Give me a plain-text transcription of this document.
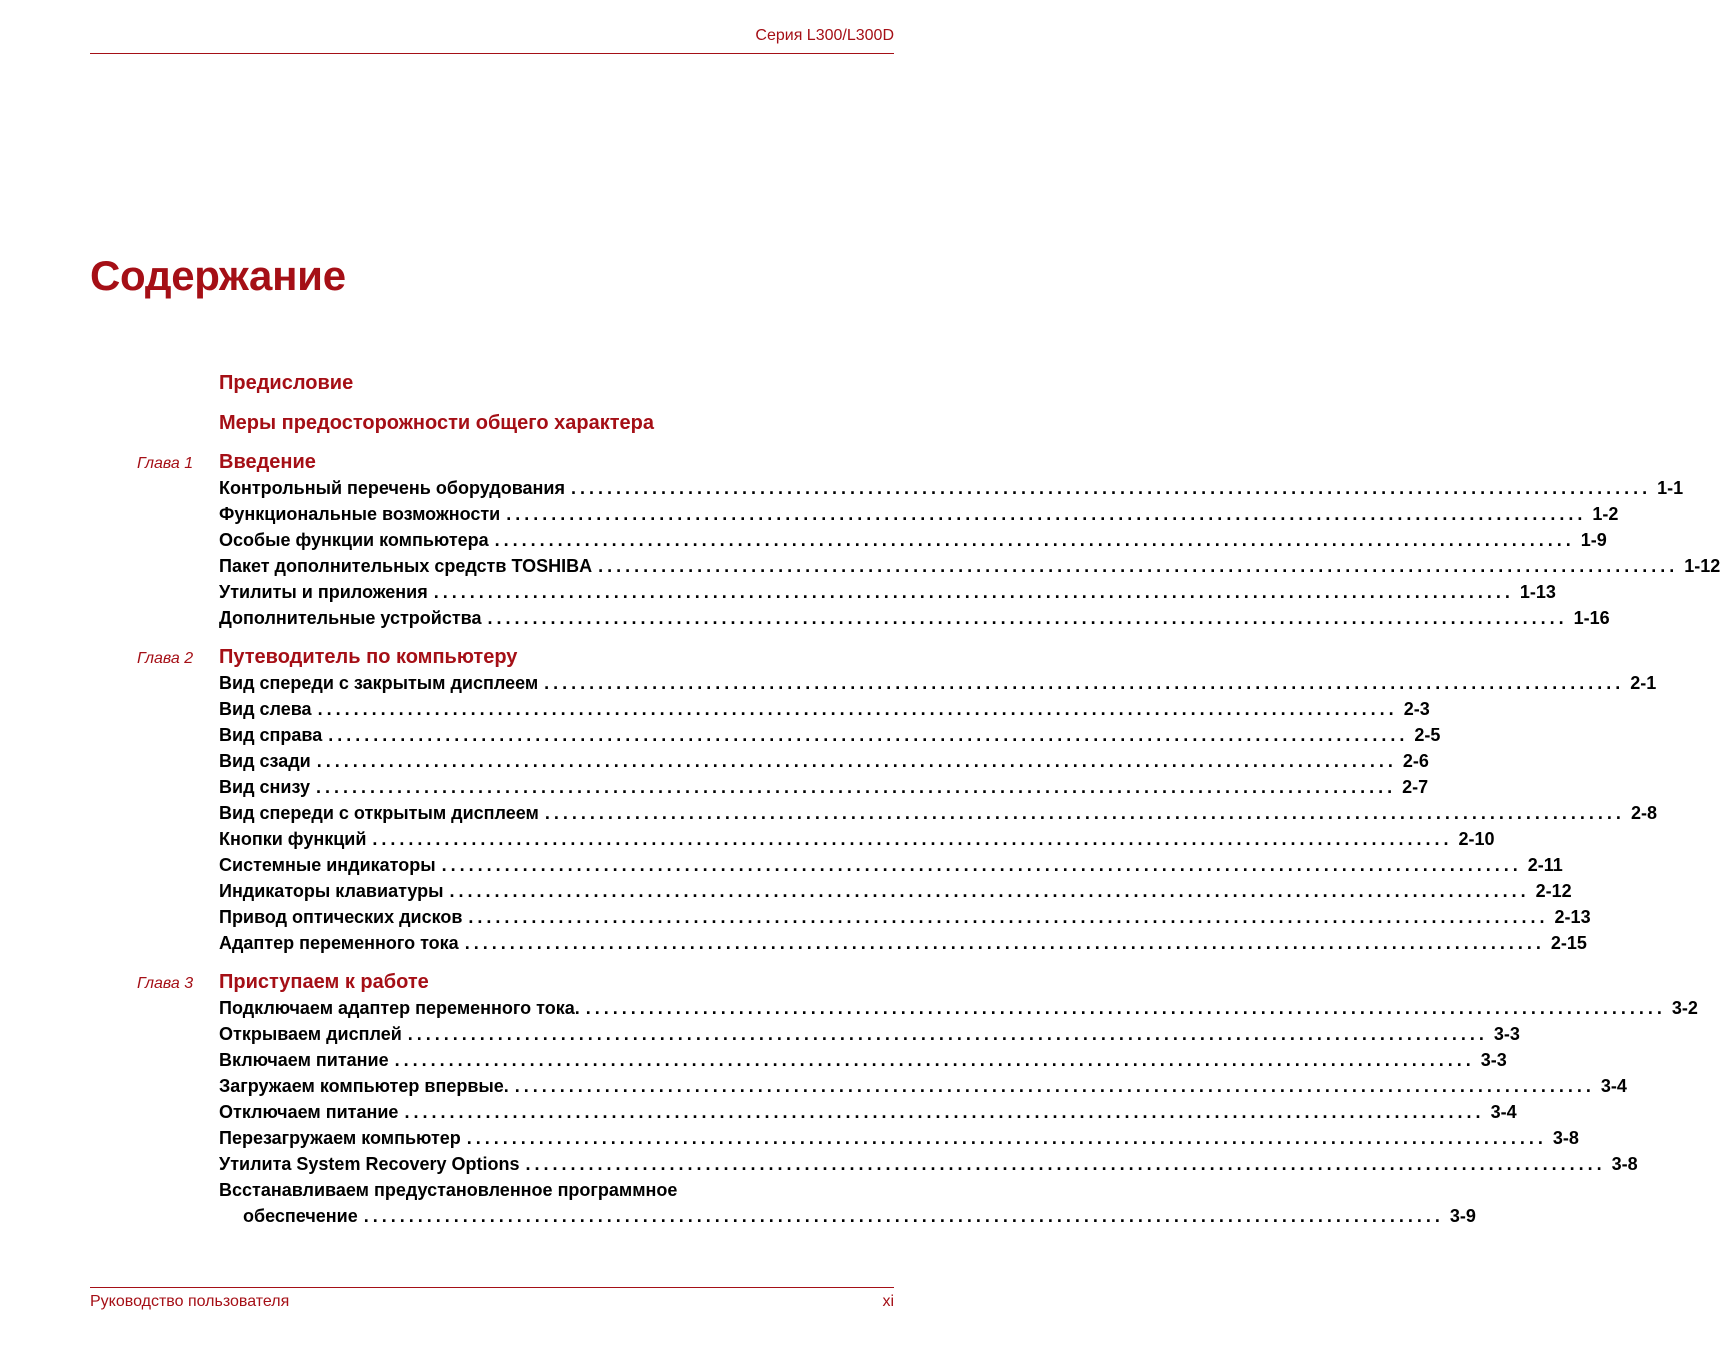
Серия L300/L300D
Содержание
Предисловие
Меры предосторожности общего характера
Глава 1 Введение
Контрольный перечень оборудования ........................................................................................................................ 1-1
Функциональные возможности ........................................................................................................................ 1-2
Особые функции компьютера ........................................................................................................................ 1-9
Пакет дополнительных средств TOSHIBA ........................................................................................................................ 1-12
Утилиты и приложения ........................................................................................................................ 1-13
Дополнительные устройства ........................................................................................................................ 1-16
Глава 2 Путеводитель по компьютеру
Вид спереди с закрытым дисплеем ........................................................................................................................ 2-1
Вид слева ........................................................................................................................ 2-3
Вид справа ........................................................................................................................ 2-5
Вид сзади ........................................................................................................................ 2-6
Вид снизу ........................................................................................................................ 2-7
Вид спереди с открытым дисплеем ........................................................................................................................ 2-8
Кнопки функций ........................................................................................................................ 2-10
Системные индикаторы ........................................................................................................................ 2-11
Индикаторы клавиатуры ........................................................................................................................ 2-12
Привод оптических дисков ........................................................................................................................ 2-13
Адаптер переменного тока ........................................................................................................................ 2-15
Глава 3 Приступаем к работе
Подключаем адаптер переменного тока. ........................................................................................................................ 3-2
Открываем дисплей ........................................................................................................................ 3-3
Включаем питание ........................................................................................................................ 3-3
Загружаем компьютер впервые. ........................................................................................................................ 3-4
Отключаем питание ........................................................................................................................ 3-4
Перезагружаем компьютер ........................................................................................................................ 3-8
Утилита System Recovery Options ........................................................................................................................ 3-8
Всстанавливаем предустановленное программное
обеспечение ........................................................................................................................ 3-9
Руководство пользователя	xi
